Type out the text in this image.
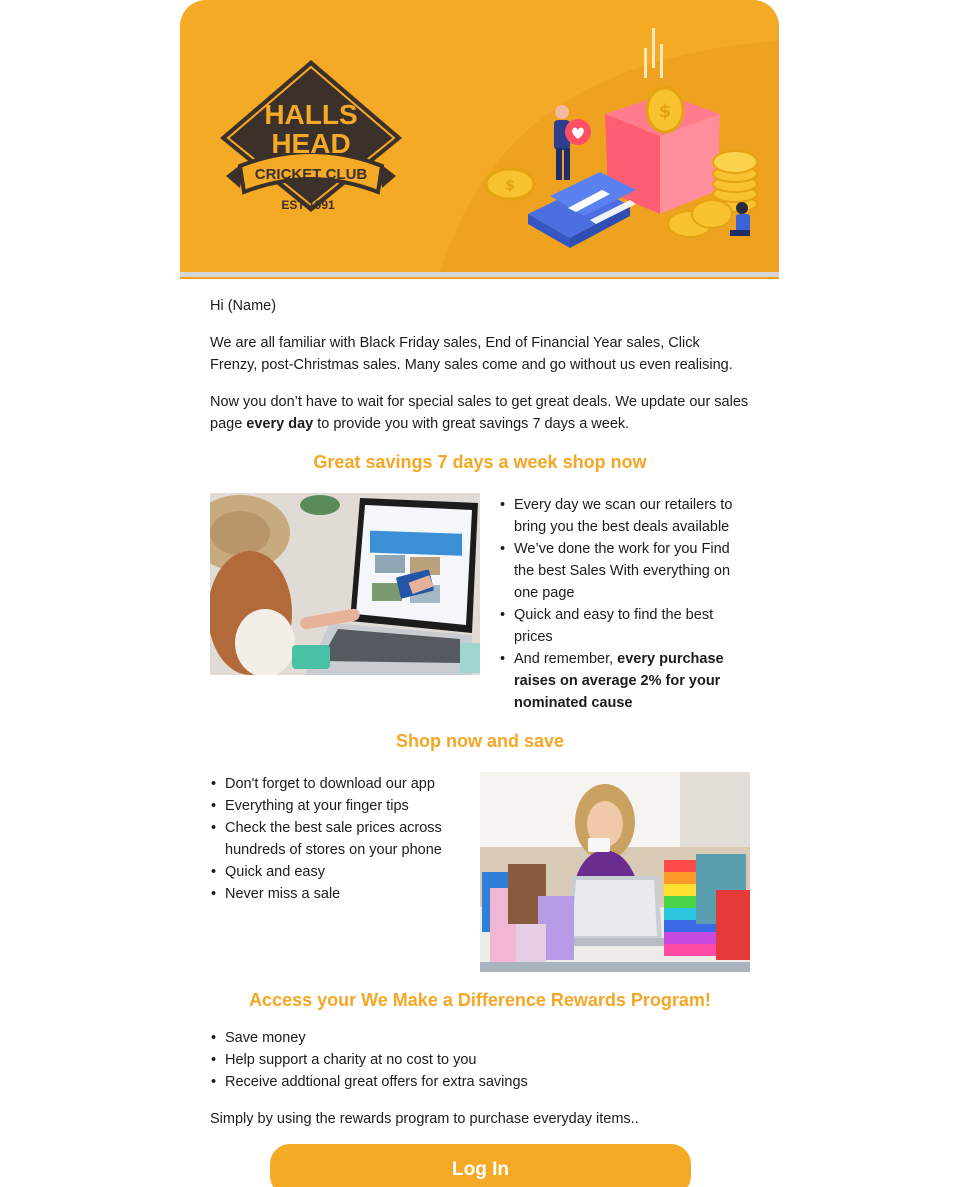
HALLS
HEAD
CRICKET CLUB
EST 1991
$
$
Hi (Name)
We are all familiar with Black Friday sales, End of Financial Year sales, Click Frenzy, post-Christmas sales. Many sales come and go without us even realising.
Now you don’t have to wait for special sales to get great deals. We update our sales page every day to provide you with great savings 7 days a week.
Great savings 7 days a week shop now
• Every day we scan our retailers to bring you the best deals available
• We’ve done the work for you Find the best Sales With everything on one page
• Quick and easy to find the best prices
• And remember, every purchase raises on average 2% for your nominated cause
Shop now and save
• Don't forget to download our app
• Everything at your finger tips
• Check the best sale prices across hundreds of stores on your phone
• Quick and easy
• Never miss a sale
Access your We Make a Difference Rewards Program!
• Save money
• Help support a charity at no cost to you
• Receive addtional great offers for extra savings
Simply by using the rewards program to purchase everyday items..
Log In
